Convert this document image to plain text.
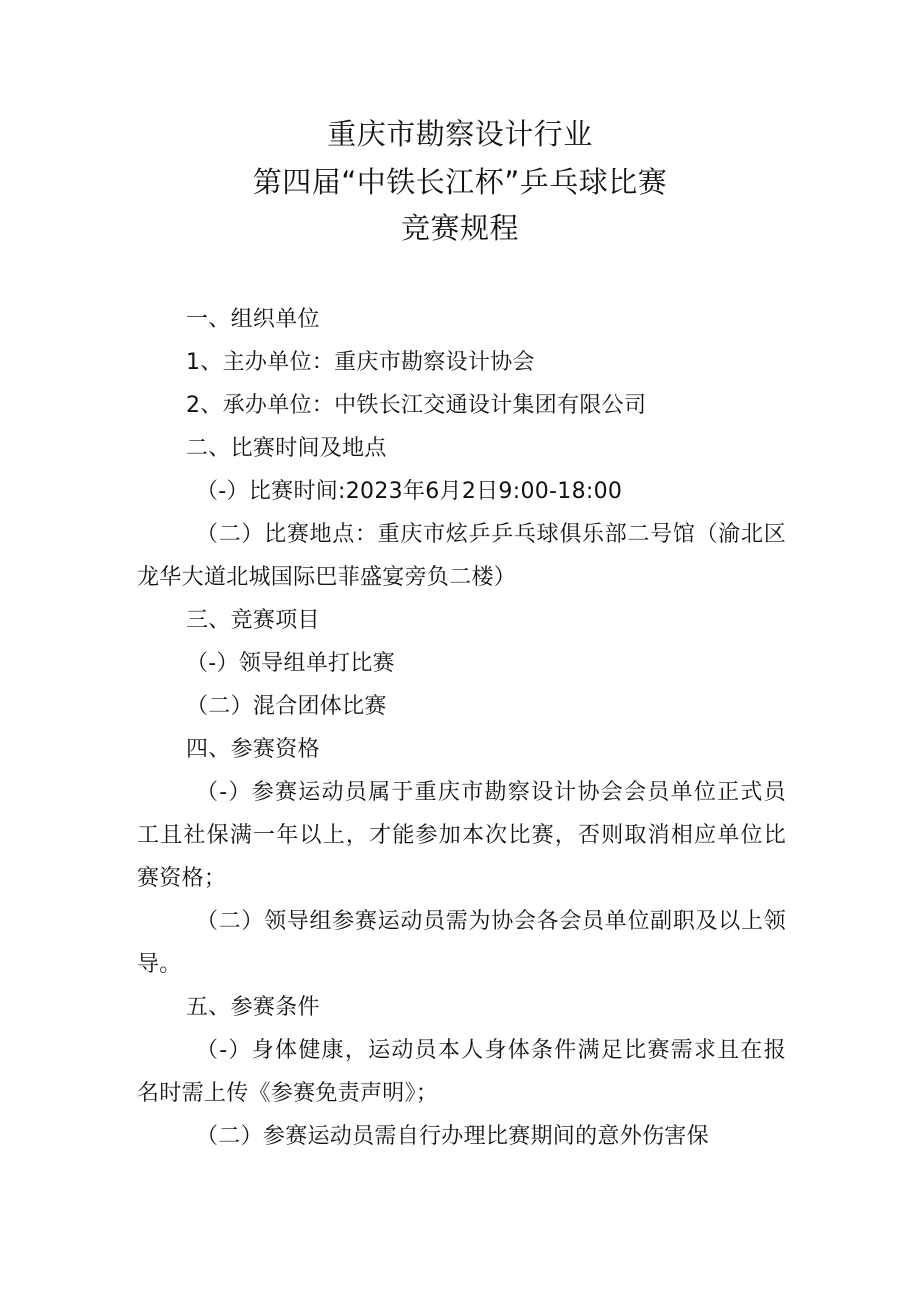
重庆市勘察设计行业
第四届“中铁长江杯”乒乓球比赛
竞赛规程
一、组织单位
1、主办单位：重庆市勘察设计协会
2、承办单位：中铁长江交通设计集团有限公司
二、比赛时间及地点
（-）比赛时间:2023年6月2日9:00-18:00
（二）比赛地点：重庆市炫乒乒乓球俱乐部二号馆（渝北区
龙华大道北城国际巴菲盛宴旁负二楼）
三、竞赛项目
（-）领导组单打比赛
（二）混合团体比赛
四、参赛资格
（-）参赛运动员属于重庆市勘察设计协会会员单位正式员
工且社保满一年以上，才能参加本次比赛，否则取消相应单位比
赛资格；
（二）领导组参赛运动员需为协会各会员单位副职及以上领
导。
五、参赛条件
（-）身体健康，运动员本人身体条件满足比赛需求且在报
名时需上传《参赛免责声明》；
（二）参赛运动员需自行办理比赛期间的意外伤害保
